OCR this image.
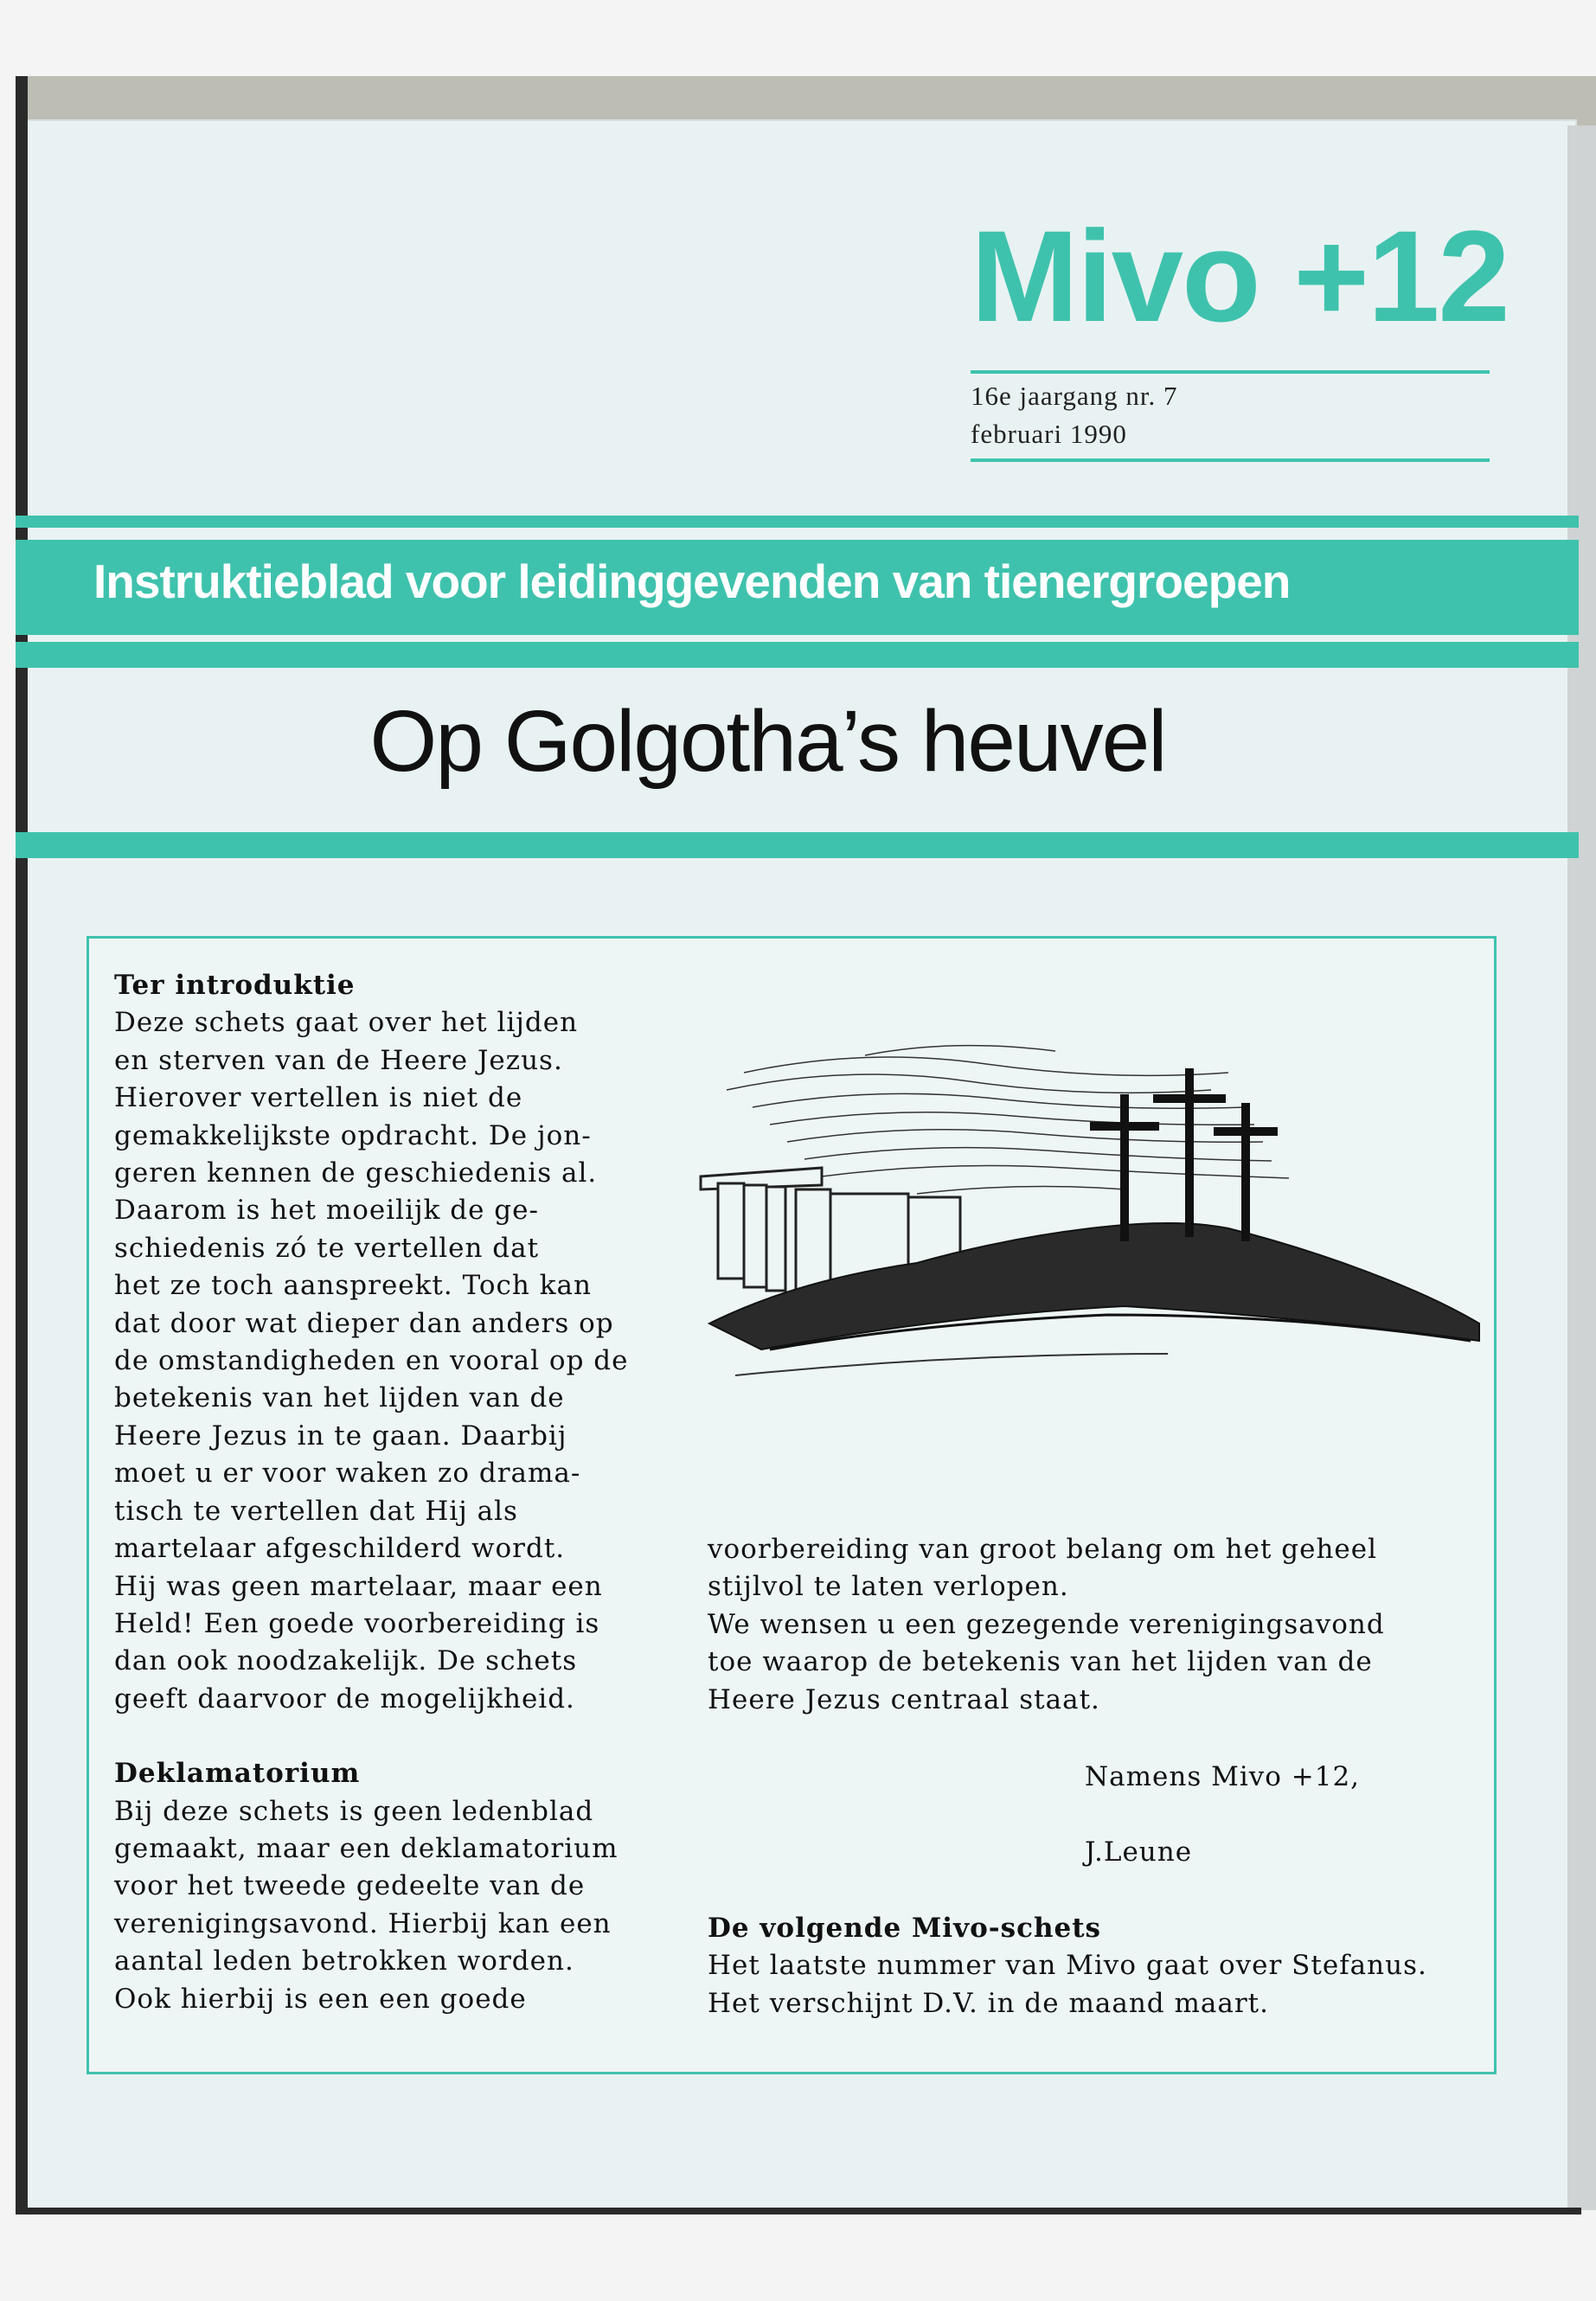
Mivo +12
16e jaargang nr. 7
februari 1990
Instruktieblad voor leidinggevenden van tienergroepen
Op Golgotha’s heuvel

Ter introduktie

Deze schets gaat over het lijden

en sterven van de Heere Jezus.

Hierover vertellen is niet de

gemakkelijkste opdracht. De jon-

geren kennen de geschiedenis al.

Daarom is het moeilijk de ge-

schiedenis zó te vertellen dat

het ze toch aanspreekt. Toch kan

dat door wat dieper dan anders op

de omstandigheden en vooral op de

betekenis van het lijden van de

Heere Jezus in te gaan. Daarbij

moet u er voor waken zo drama-

tisch te vertellen dat Hij als

martelaar afgeschilderd wordt.

Hij was geen martelaar, maar een

Held! Een goede voorbereiding is

dan ook noodzakelijk. De schets

geeft daarvoor de mogelijkheid.

Deklamatorium

Bij deze schets is geen ledenblad

gemaakt, maar een deklamatorium

voor het tweede gedeelte van de

verenigingsavond. Hierbij kan een

aantal leden betrokken worden.

Ook hierbij is een een goede

voorbereiding van groot belang om het geheel

stijlvol te laten verlopen.

We wensen u een gezegende verenigingsavond

toe waarop de betekenis van het lijden van de

Heere Jezus centraal staat.

Namens Mivo +12,
J.Leune

De volgende Mivo-schets

Het laatste nummer van Mivo gaat over Stefanus.

Het verschijnt D.V. in de maand maart.
